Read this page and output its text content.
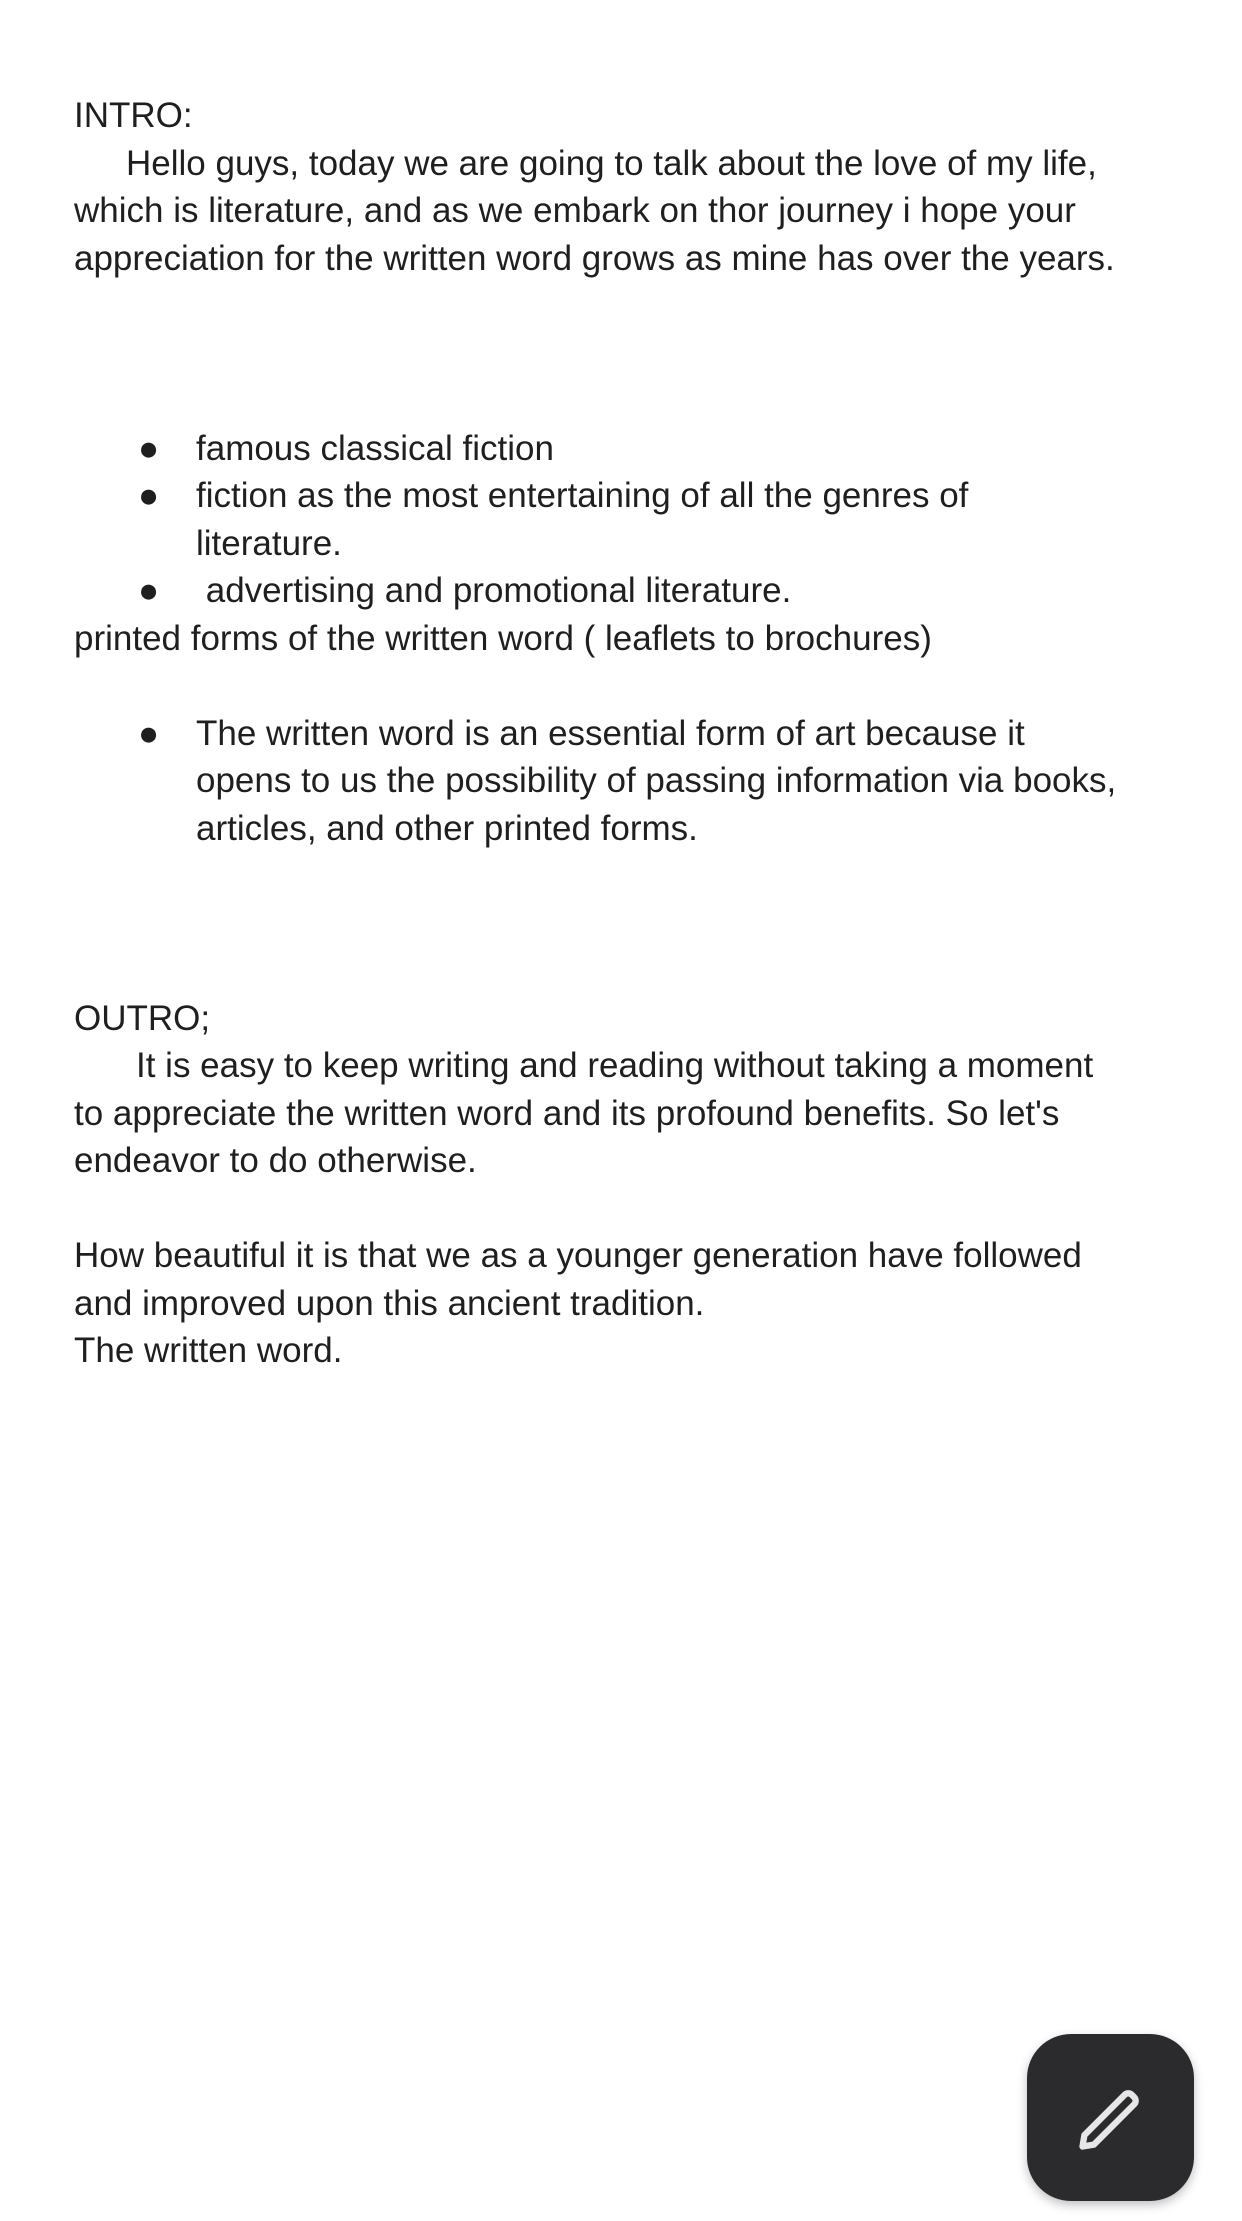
INTRO:
Hello guys, today we are going to talk about the love of my life,
which is literature, and as we embark on thor journey i hope your
appreciation for the written word grows as mine has over the years.
● famous classical fiction
● fiction as the most entertaining of all the genres of
literature.
● advertising and promotional literature.
printed forms of the written word ( leaflets to brochures)
● The written word is an essential form of art because it
opens to us the possibility of passing information via books,
articles, and other printed forms.
OUTRO;
It is easy to keep writing and reading without taking a moment
to appreciate the written word and its profound benefits. So let's
endeavor to do otherwise.
How beautiful it is that we as a younger generation have followed
and improved upon this ancient tradition.
The written word.
